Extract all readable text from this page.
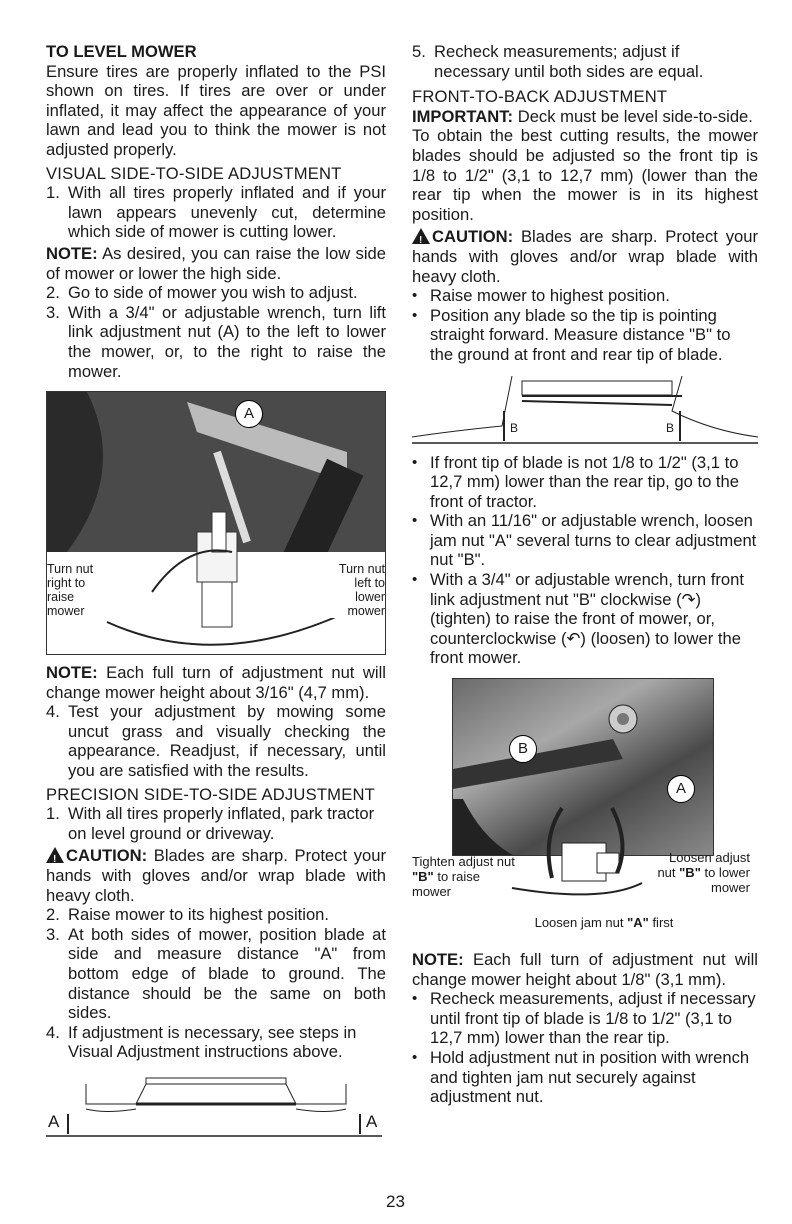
TO LEVEL MOWER

Ensure tires are properly inflated to the PSI shown on tires. If tires are over or under inflated, it may affect the appearance of your lawn and lead you to think the mower is not adjusted properly.

VISUAL SIDE-TO-SIDE ADJUSTMENT

1. With all tires properly inflated and if your lawn appears unevenly cut, determine which side of mower is cutting lower.

NOTE: As desired, you can raise the low side of mower or lower the high side.

2. Go to side of mower you wish to adjust.
3. With a 3/4" or adjustable wrench, turn lift link adjustment nut (A) to the left to lower the mower, or, to the right to raise the mower.
A
Turn nut right to raise mower
Turn nut left to lower mower

NOTE: Each full turn of adjustment nut will change mower height about 3/16" (4,7 mm).

4. Test your adjustment by mowing some uncut grass and visually checking the appearance. Readjust, if necessary, until you are satisfied with the results.

PRECISION SIDE-TO-SIDE ADJUSTMENT

1. With all tires properly inflated, park tractor on level ground or driveway.

!CAUTION: Blades are sharp. Protect your hands with gloves and/or wrap blade with heavy cloth.

2. Raise mower to its highest position.
3. At both sides of mower, position blade at side and measure distance "A" from bottom edge of blade to ground. The distance should be the same on both sides.
4. If adjustment is necessary, see steps in Visual Adjustment instructions above.
A	A
5. Recheck measurements; adjust if necessary until both sides are equal.

FRONT-TO-BACK ADJUSTMENT

IMPORTANT: Deck must be level side-to-side.

To obtain the best cutting results, the mower blades should be adjusted so the front tip is 1/8 to 1/2" (3,1 to 12,7 mm) (lower than the rear tip when the mower is in its highest position.

!CAUTION: Blades are sharp. Protect your hands with gloves and/or wrap blade with heavy cloth.

• Raise mower to highest position.
• Position any blade so the tip is pointing straight forward. Measure distance "B" to the ground at front and rear tip of blade.
B	B
• If front tip of blade is not 1/8 to 1/2" (3,1 to 12,7 mm) lower than the rear tip, go to the front of tractor.
• With an 11/16" or adjustable wrench, loosen jam nut "A" several turns to clear adjustment nut "B".
• With a 3/4" or adjustable wrench, turn front link adjustment nut "B" clockwise (↷) (tighten) to raise the front of mower, or, counterclockwise (↶) (loosen) to lower the front mower.
B
A
Tighten adjust nut "B" to raise mower
Loosen adjust nut "B" to lower mower
Loosen jam nut "A" first

NOTE: Each full turn of adjustment nut will change mower height about 1/8" (3,1 mm).

• Recheck measurements, adjust if necessary until front tip of blade is 1/8 to 1/2" (3,1 to 12,7 mm) lower than the rear tip.
• Hold adjustment nut in position with wrench and tighten jam nut securely against adjustment nut.
23
